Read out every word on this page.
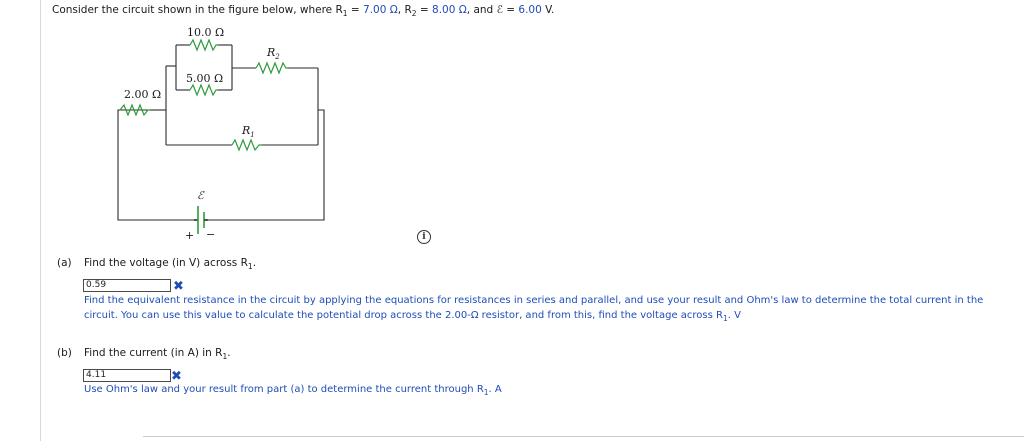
Consider the circuit shown in the figure below, where $R_1 = 7.00$ Ω, $R_2 = 8.00$ Ω, and ℰ = 6.00 V.
10.0 Ω
5.00 Ω
2.00 Ω
$R_2$
$R_1$
ℰ
+ −	i
(a) Find the voltage (in V) across $R_1$.
0.59	✖
Find the equivalent resistance in the circuit by applying the equations for resistances in series and parallel, and use your result and Ohm's law to determine the total current in the
circuit. You can use this value to calculate the potential drop across the 2.00-Ω resistor, and from this, find the voltage across $R_1$. V
(b) Find the current (in A) in $R_1$.
4.11	✖
Use Ohm's law and your result from part (a) to determine the current through $R_1$. A
